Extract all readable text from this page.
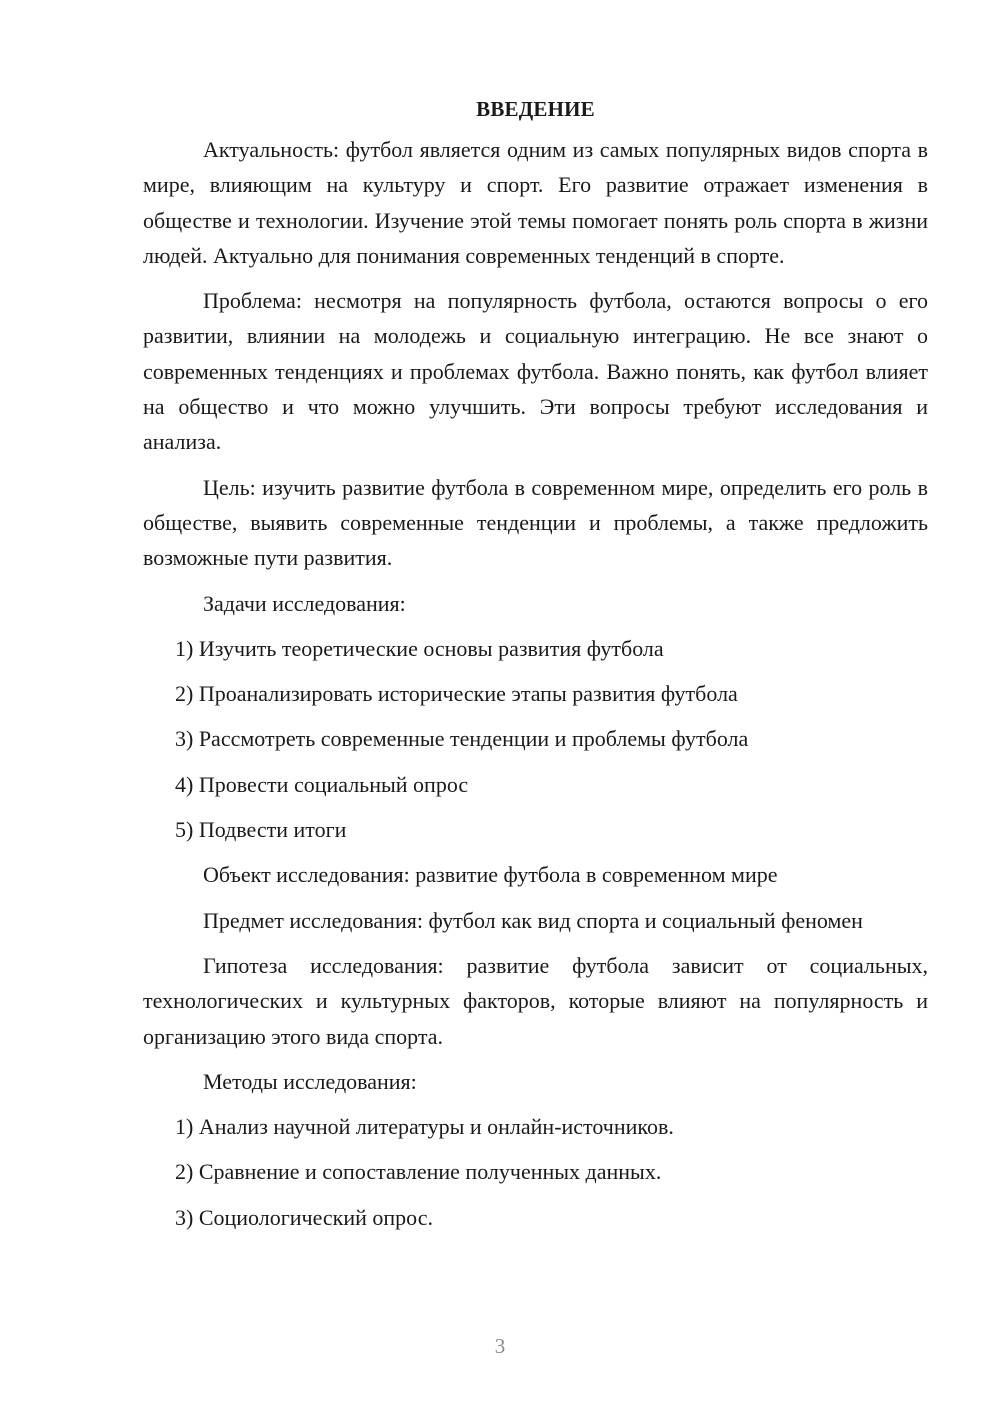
ВВЕДЕНИЕ

Актуальность: футбол является одним из самых популярных видов спорта в мире, влияющим на культуру и спорт. Его развитие отражает изменения в обществе и технологии. Изучение этой темы помогает понять роль спорта в жизни людей. Актуально для понимания современных тенденций в спорте.

Проблема: несмотря на популярность футбола, остаются вопросы о его развитии, влиянии на молодежь и социальную интеграцию. Не все знают о современных тенденциях и проблемах футбола. Важно понять, как футбол влияет на общество и что можно улучшить. Эти вопросы требуют исследования и анализа.

Цель: изучить развитие футбола в современном мире, определить его роль в обществе, выявить современные тенденции и проблемы, а также предложить возможные пути развития.

Задачи исследования:
1) Изучить теоретические основы развития футбола
2) Проанализировать исторические этапы развития футбола
3) Рассмотреть современные тенденции и проблемы футбола
4) Провести социальный опрос
5) Подвести итоги

Объект исследования: развитие футбола в современном мире

Предмет исследования: футбол как вид спорта и социальный феномен

Гипотеза исследования: развитие футбола зависит от социальных, технологических и культурных факторов, которые влияют на популярность и организацию этого вида спорта.

Методы исследования:
1) Анализ научной литературы и онлайн-источников.
2) Сравнение и сопоставление полученных данных.
3) Социологический опрос.
3
